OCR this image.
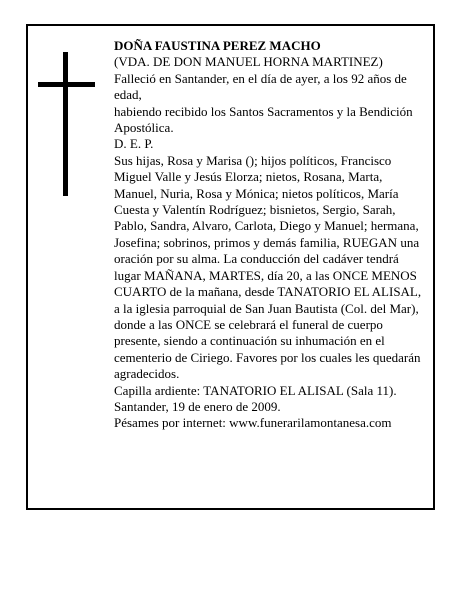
DOÑA FAUSTINA PEREZ MACHO
(VDA. DE DON MANUEL HORNA MARTINEZ)
Falleció en Santander, en el día de ayer, a los 92 años de edad,
habiendo recibido los Santos Sacramentos y la Bendición Apostólica.
D. E. P.
Sus hijas, Rosa y Marisa (); hijos políticos, Francisco Miguel Valle y Jesús Elorza; nietos, Rosana, Marta, Manuel, Nuria, Rosa y Mónica; nietos políticos, María Cuesta y Valentín Rodríguez; bisnietos, Sergio, Sarah, Pablo, Sandra, Alvaro, Carlota, Diego y Manuel; hermana, Josefina; sobrinos, primos y demás familia, RUEGAN una oración por su alma. La conducción del cadáver tendrá lugar MAÑANA, MARTES, día 20, a las ONCE MENOS CUARTO de la mañana, desde TANATORIO EL ALISAL, a la iglesia parroquial de San Juan Bautista (Col. del Mar), donde a las ONCE se celebrará el funeral de cuerpo presente, siendo a continuación su inhumación en el cementerio de Ciriego. Favores por los cuales les quedarán agradecidos.
Capilla ardiente: TANATORIO EL ALISAL (Sala 11).
Santander, 19 de enero de 2009.
Pésames por internet: www.funerarilamontanesa.com
